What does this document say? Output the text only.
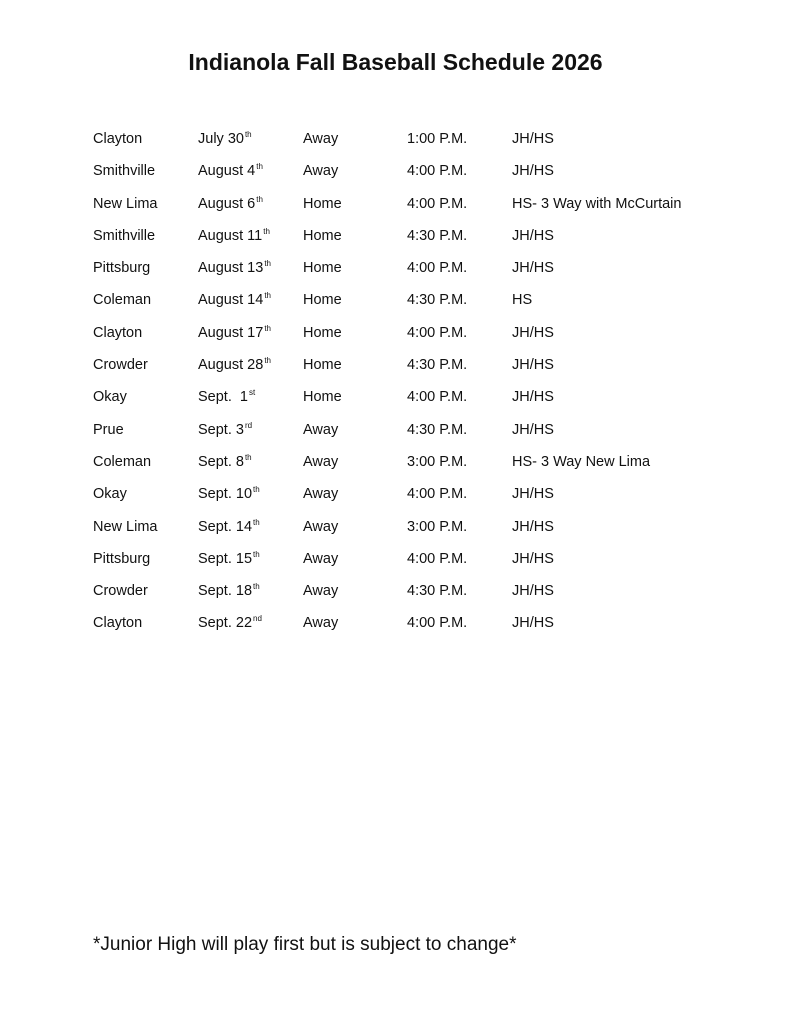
Indianola Fall Baseball Schedule 2026
Clayton	July 30th	Away	1:00 P.M.	JH/HS
Smithville	August 4th	Away	4:00 P.M.	JH/HS
New Lima	August 6th	Home	4:00 P.M.	HS- 3 Way with McCurtain
Smithville	August 11th Home	4:30 P.M.	JH/HS
Pittsburg	August 13th Home	4:00 P.M.	JH/HS
Coleman	August 14th Home	4:30 P.M.	HS
Clayton	August 17th Home	4:00 P.M.	JH/HS
Crowder	August 28th Home	4:30 P.M.	JH/HS
Okay	Sept.  1st	Home	4:00 P.M.	JH/HS
Prue	Sept. 3rd	Away	4:30 P.M.	JH/HS
Coleman	Sept. 8th	Away	3:00 P.M.	HS- 3 Way New Lima
Okay	Sept. 10th	Away	4:00 P.M.	JH/HS
New Lima	Sept. 14th	Away	3:00 P.M.	JH/HS
Pittsburg	Sept. 15th	Away	4:00 P.M.	JH/HS
Crowder	Sept. 18th	Away	4:30 P.M.	JH/HS
Clayton	Sept. 22nd	Away	4:00 P.M.	JH/HS
*Junior High will play first but is subject to change*
